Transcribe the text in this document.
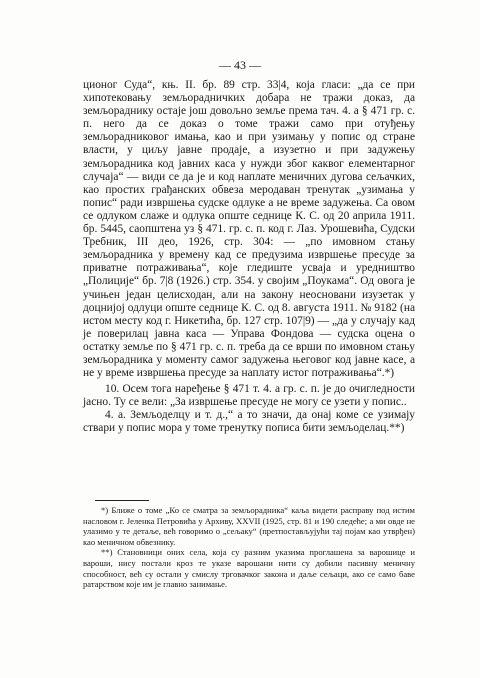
— 43 —

ционог Суда“, књ. II. бр. 89 стр. 33|4, која гласи: „да се при хипотековању земљорадничких добара не тражи доказ, да земљораднику остаје још довољно земље према тач. 4. а § 471 гр. с. п. него да се доказ о томе тражи само при отуђењу земљорадниковог имања, као и при узимању у попис од стране власти, у циљу јавне продаје, а изузетно и при задужењу земљорадника код јавних каса у нужди због каквог елементарног случаја“ — види се да је и код наплате меничних дугова сељачких, као простих грађанских обвеза меродаван тренутак „узимања у попис“ ради извршења судске одлуке а не време задужења. Са овом се одлуком слаже и одлука опште седнице К. С. од 20 априла 1911. бр. 5445, саопштена уз § 471. гр. с. п. код г. Лаз. Урошевића, Судски Требник, III део, 1926, стр. 304: — „по имовном стању земљорадника у времену кад се предузима извршење пресуде за приватне потраживања“, које гледиште усваја и уредништво „Полиције“ бр. 7|8 (1926.) стр. 354. у своjим „Поукама“. Од овога је учињен један целисходан, али на закону неосновани изузетак у доцнијој одлуци опште седнице К. С. од 8. августа 1911. № 9182 (на истом месту код г. Никетића, бр. 127 стр. 107|9) — „да у случају кад је поверилац јавна каса — Управа Фондова — судска оцена о остатку земље по § 471 гр. с. п. треба да се врши по имовном стању земљорадника у моменту самог задужења његовог код јавне касе, а не у време извршења пресуде за наплату истог потраживања“.*)

10. Осем тога наређење § 471 т. 4. а гр. с. п. је до очигледности јасно. Ту се вели: „За извршење пресуде не могу се узети у попис..

4. а. Земљоделцу и т. д.,“ а то значи, да онај коме се узимају ствари у попис мора у томе тренутку пописа бити земљоделац.**)

*) Ближе о томе „Ко се сматра за земљорадника“ каља видети расправу под истим насловом г. Јеленка Петровића у Архиву, XXVII (1925, стр. 81 и 190 следеће; а ми овде не улазимо у те детаље, већ говоримо о „сељаку“ (претпостављујући тај појам као утврђен) као меничном обвезнику.

**) Становници оних села, која су разним указима проглашена за варошице и вароши, нису постали кроз те указе варошани нити су добили пасивну меничну способност, већ су остали у смислу трговачког закона и даље сељаци, ако се само баве ратарством које им је главно занимање.
